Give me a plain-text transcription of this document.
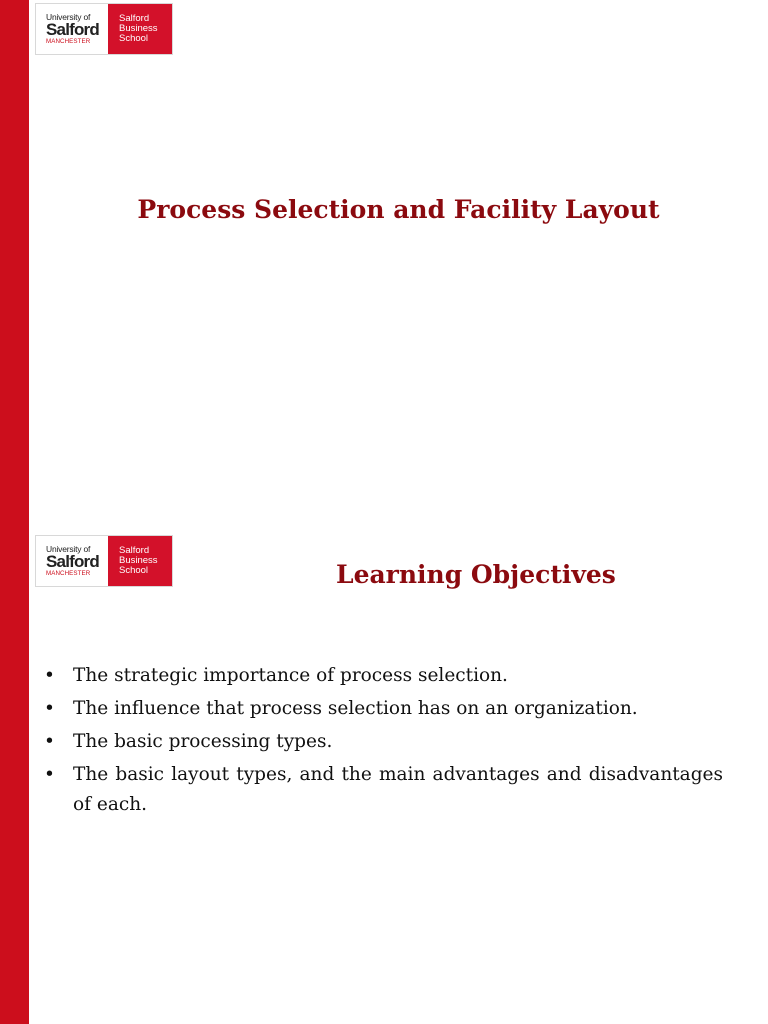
University of
Salford
MANCHESTER
Salford
Business
School
Process Selection and Facility Layout
University of
Salford
MANCHESTER
Salford
Business
School	Learning Objectives
• The strategic importance of process selection.
• The influence that process selection has on an organization.
• The basic processing types.
• The basic layout types, and the main advantages and disadvantages of each.
